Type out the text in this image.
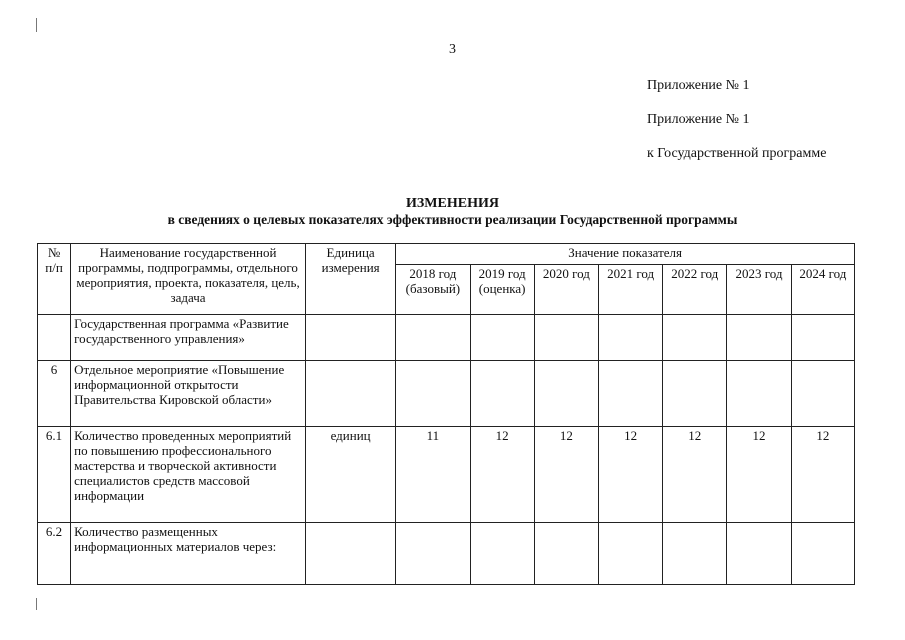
3
Приложение № 1
Приложение № 1
к Государственной программе
ИЗМЕНЕНИЯ
в сведениях о целевых показателях эффективности реализации Государственной программы
№ п/п	Наименование государственной программы, подпрограммы, отдельного мероприятия, проекта, показателя, цель, задача	Единица измерения	Значение показателя						
			2018 год (базовый)	2019 год (оценка)	2020 год	2021 год	2022 год	2023 год	2024 год
	Государственная программа «Развитие государственного управления»								
6	Отдельное мероприятие «Повышение информационной открытости Правительства Кировской области»								
6.1	Количество проведенных мероприятий по повышению профессионального мастерства и творческой активности специалистов средств массовой информации	единиц	11	12	12	12	12	12	12
6.2	Количество размещенных информационных материалов через:								
